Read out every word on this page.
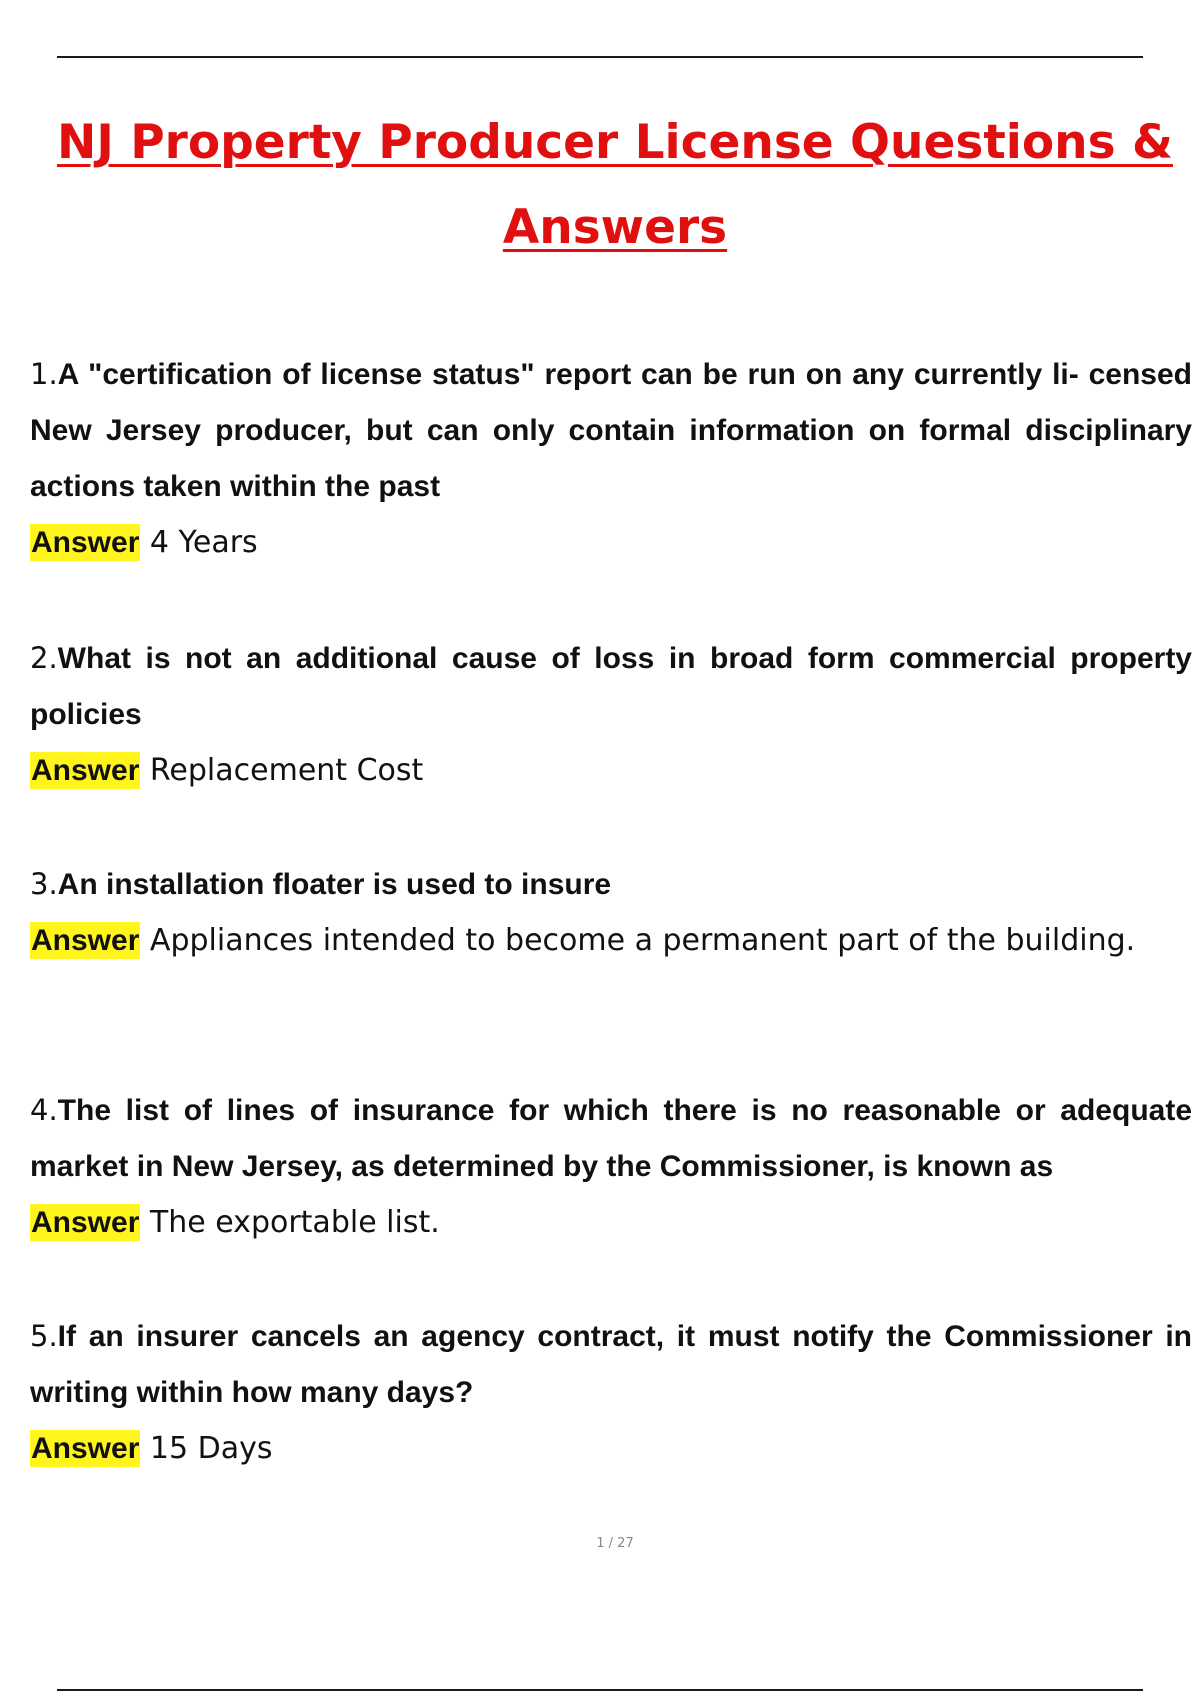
NJ Property Producer License Questions & Answers

1.A "certification of license status" report can be run on any currently li- censed New Jersey producer, but can only contain information on formal disciplinary actions taken within the past

Answer 4 Years

2.What is not an additional cause of loss in broad form commercial property policies

Answer Replacement Cost

3.An installation floater is used to insure

Answer Appliances intended to become a permanent part of the building.

4.The list of lines of insurance for which there is no reasonable or adequate market in New Jersey, as determined by the Commissioner, is known as

Answer The exportable list.

5.If an insurer cancels an agency contract, it must notify the Commissioner in writing within how many days?

Answer 15 Days

1 / 27
